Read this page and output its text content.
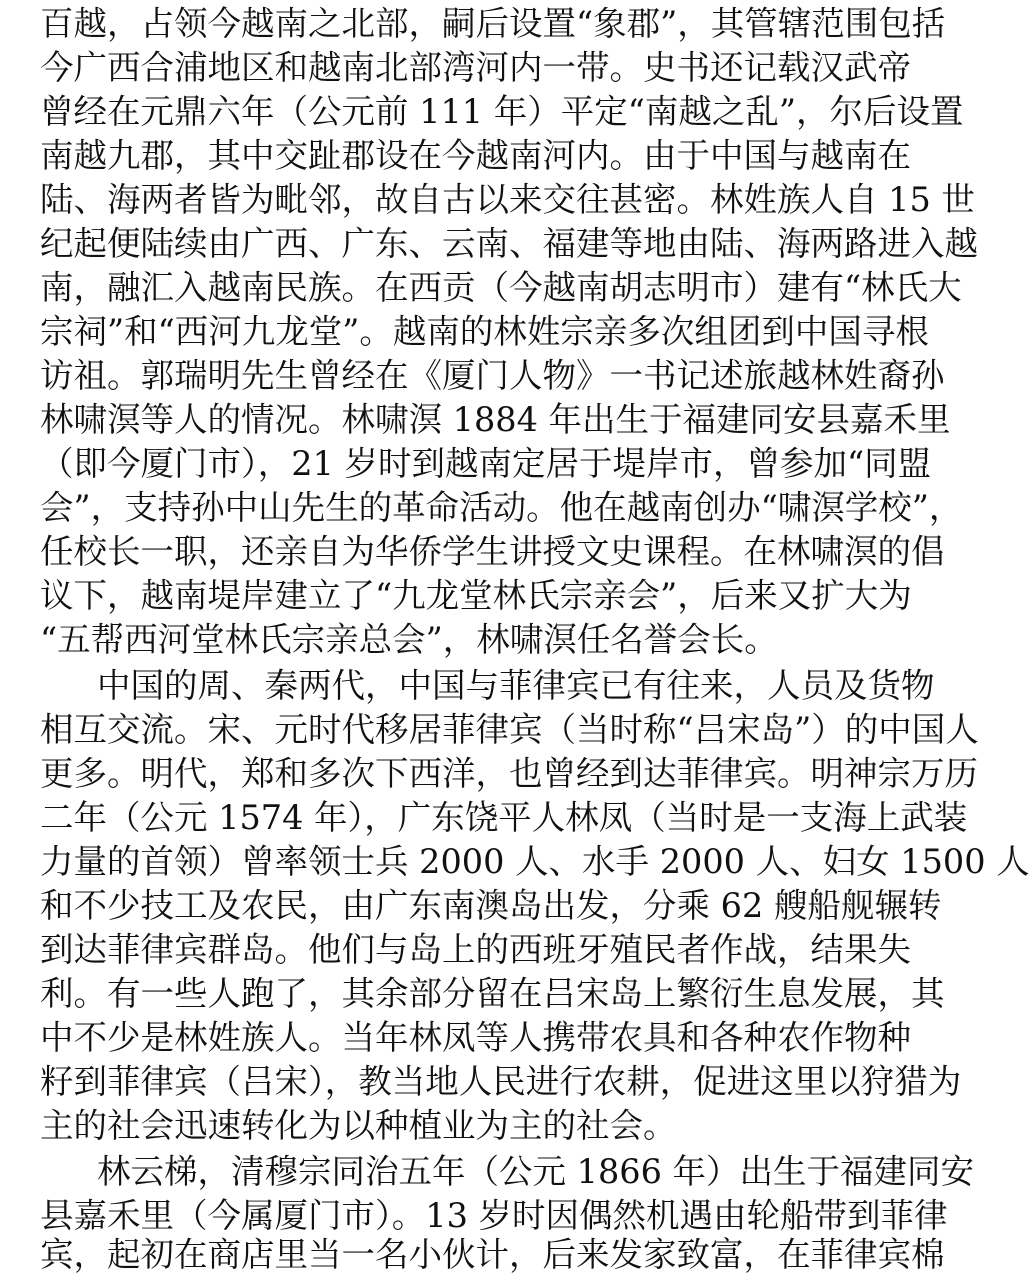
百越，占领今越南之北部，嗣后设置“象郡”，其管辖范围包括
今广西合浦地区和越南北部湾河内一带。史书还记载汉武帝
曾经在元鼎六年（公元前 111 年）平定“南越之乱”，尔后设置
南越九郡，其中交趾郡设在今越南河内。由于中国与越南在
陆、海两者皆为毗邻，故自古以来交往甚密。林姓族人自 15 世
纪起便陆续由广西、广东、云南、福建等地由陆、海两路进入越
南，融汇入越南民族。在西贡（今越南胡志明市）建有“林氏大
宗祠”和“西河九龙堂”。越南的林姓宗亲多次组团到中国寻根
访祖。郭瑞明先生曾经在《厦门人物》一书记述旅越林姓裔孙
林啸溟等人的情况。林啸溟 1884 年出生于福建同安县嘉禾里
（即今厦门市），21 岁时到越南定居于堤岸市，曾参加“同盟
会”，支持孙中山先生的革命活动。他在越南创办“啸溟学校”，
任校长一职，还亲自为华侨学生讲授文史课程。在林啸溟的倡
议下，越南堤岸建立了“九龙堂林氏宗亲会”，后来又扩大为
“五帮西河堂林氏宗亲总会”，林啸溟任名誉会长。
中国的周、秦两代，中国与菲律宾已有往来，人员及货物
相互交流。宋、元时代移居菲律宾（当时称“吕宋岛”）的中国人
更多。明代，郑和多次下西洋，也曾经到达菲律宾。明神宗万历
二年（公元 1574 年），广东饶平人林凤（当时是一支海上武装
力量的首领）曾率领士兵 2000 人、水手 2000 人、妇女 1500 人
和不少技工及农民，由广东南澳岛出发，分乘 62 艘船舰辗转
到达菲律宾群岛。他们与岛上的西班牙殖民者作战，结果失
利。有一些人跑了，其余部分留在吕宋岛上繁衍生息发展，其
中不少是林姓族人。当年林凤等人携带农具和各种农作物种
籽到菲律宾（吕宋），教当地人民进行农耕，促进这里以狩猎为
主的社会迅速转化为以种植业为主的社会。
林云梯，清穆宗同治五年（公元 1866 年）出生于福建同安
县嘉禾里（今属厦门市）。13 岁时因偶然机遇由轮船带到菲律
宾，起初在商店里当一名小伙计，后来发家致富，在菲律宾棉
